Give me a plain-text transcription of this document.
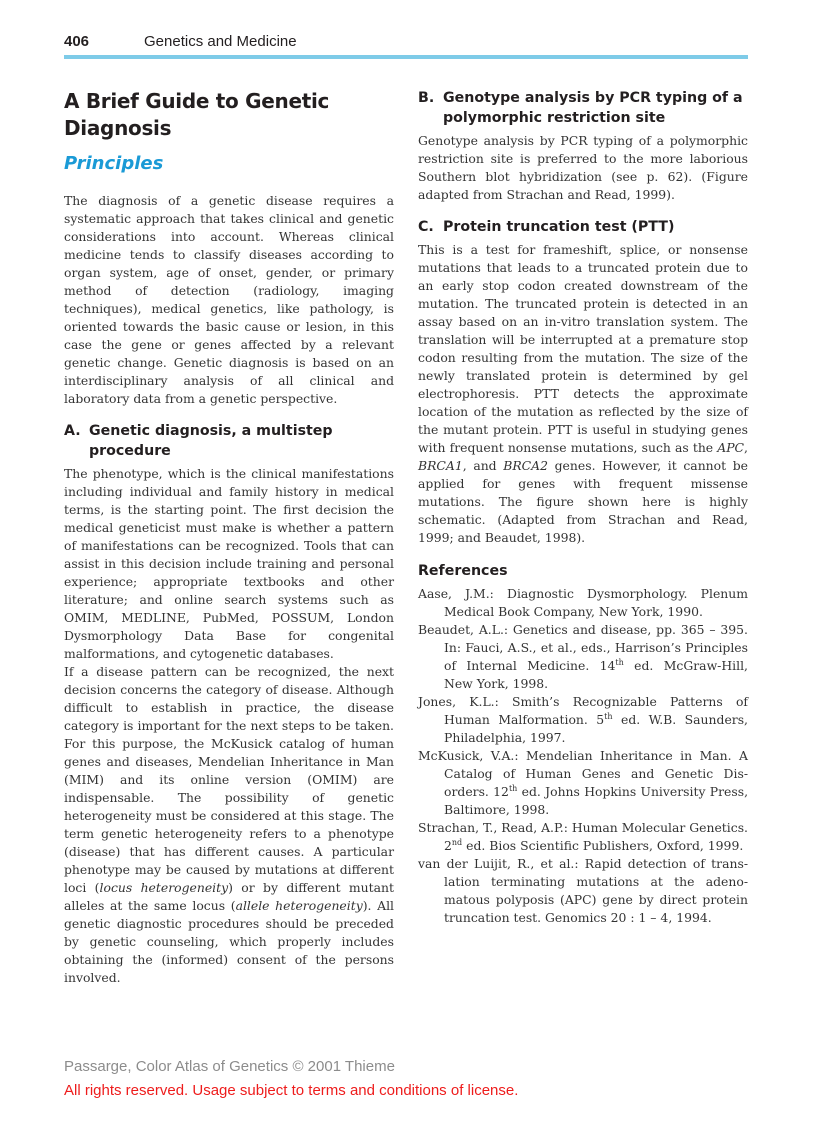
406	Genetics and Medicine
A Brief Guide to Genetic Diagnosis
Principles

The diagnosis of a genetic disease requires a systematic approach that takes clinical and genetic considerations into account. Whereas clinical medicine tends to classify diseases according to organ system, age of onset, gender, or primary method of detection (radiology, imaging techniques), medical genetics, like pathology, is oriented towards the basic cause or lesion, in this case the gene or genes affected by a relevant genetic change. Genetic diagnosis is based on an interdisciplinary analysis of all clinical and laboratory data from a genetic perspective.

A. Genetic diagnosis, a multistep procedure

The phenotype, which is the clinical manifestations including individual and family history in medical terms, is the starting point. The first decision the medical geneticist must make is whether a pattern of manifestations can be recognized. Tools that can assist in this decision include training and personal experience; appropriate textbooks and other literature; and online search systems such as OMIM, MEDLINE, PubMed, POSSUM, London Dysmorphology Data Base for congenital malformations, and cytogenetic databases.

If a disease pattern can be recognized, the next decision concerns the category of disease. Although difficult to establish in practice, the disease category is important for the next steps to be taken. For this purpose, the McKusick catalog of human genes and diseases, Mendelian Inheritance in Man (MIM) and its online version (OMIM) are indispensable. The possibility of genetic heterogeneity must be considered at this stage. The term genetic heterogeneity refers to a phenotype (disease) that has different causes. A particular phenotype may be caused by mutations at different loci (locus heterogeneity) or by different mutant alleles at the same locus (allele heterogeneity). All genetic diagnostic procedures should be preceded by genetic counseling, which properly includes obtaining the (informed) consent of the persons involved.

B. Genotype analysis by PCR typing of a polymorphic restriction site

Genotype analysis by PCR typing of a polymorphic restriction site is preferred to the more laborious Southern blot hybridization (see p. 62). (Figure adapted from Strachan and Read, 1999).

C. Protein truncation test (PTT)

This is a test for frameshift, splice, or nonsense mutations that leads to a truncated protein due to an early stop codon created downstream of the mutation. The truncated protein is detected in an assay based on an in-vitro translation system. The translation will be interrupted at a premature stop codon resulting from the mutation. The size of the newly translated protein is determined by gel electrophoresis. PTT detects the approximate location of the mutation as reflected by the size of the mutant protein. PTT is useful in studying genes with frequent nonsense mutations, such as the APC, BRCA1, and BRCA2 genes. However, it cannot be applied for genes with frequent missense mutations. The figure shown here is highly schematic. (Adapted from Strachan and Read, 1999; and Beaudet, 1998).

References
Aase, J.M.: Diagnostic Dysmorphology. Plenum Medical Book Company, New York, 1990.
Beaudet, A.L.: Genetics and disease, pp. 365 – 395. In: Fauci, A.S., et al., eds., Harrison’s Principles of Internal Medicine. 14th ed. McGraw-Hill, New York, 1998.
Jones, K.L.: Smith’s Recognizable Patterns of Human Malformation. 5th ed. W.B. Saunders, Philadelphia, 1997.
McKusick, V.A.: Mendelian Inheritance in Man. A Catalog of Human Genes and Genetic Disorders. 12th ed. Johns Hopkins University Press, Baltimore, 1998.
Strachan, T., Read, A.P.: Human Molecular Genetics. 2nd ed. Bios Scientific Publishers, Oxford, 1999.
van der Luijit, R., et al.: Rapid detection of translation terminating mutations at the adenomatous polyposis (APC) gene by direct protein truncation test. Genomics 20 : 1 – 4, 1994.
Passarge, Color Atlas of Genetics © 2001 Thieme
All rights reserved. Usage subject to terms and conditions of license.
